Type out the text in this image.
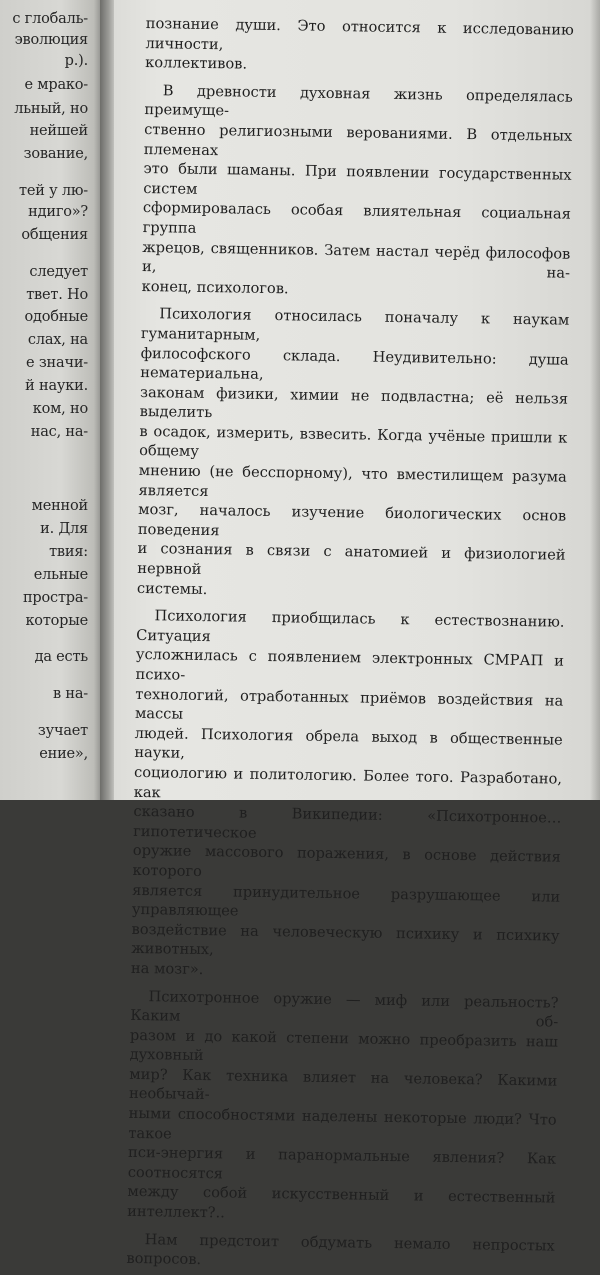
с глобаль-
эволюция
р.).
е мрако-
льный, но
нейшей
зование,
тей у лю-
ндиго»?
общения
следует
твет. Но
одобные
слах, на
е значи-
й науки.
ком, но
нас, на-
менной
и. Для
твия:
ельные
простра-
которые
да есть
в на-
зучает
ение»,
познание души. Это относится к исследованию личности,
коллективов.
В древности духовная жизнь определялась преимуще-
ственно религиозными верованиями. В отдельных племенах
это были шаманы. При появлении государственных систем
сформировалась особая влиятельная социальная группа
жрецов, священников. Затем настал черёд философов и, на-
конец, психологов.
Психология относилась поначалу к наукам гуманитарным,
философского склада. Неудивительно: душа нематериальна,
законам физики, химии не подвластна; её нельзя выделить
в осадок, измерить, взвесить. Когда учёные пришли к общему
мнению (не бесспорному), что вместилищем разума является
мозг, началось изучение биологических основ поведения
и сознания в связи с анатомией и физиологией нервной
системы.
Психология приобщилась к естествознанию. Ситуация
усложнилась с появлением электронных СМРАП и психо-
технологий, отработанных приёмов воздействия на массы
людей. Психология обрела выход в общественные науки,
социологию и политологию. Более того. Разработано, как
сказано в Википедии: «Психотронное… гипотетическое
оружие массового поражения, в основе действия которого
является принудительное разрушающее или управляющее
воздействие на человеческую психику и психику животных,
на мозг».
Психотронное оружие — миф или реальность? Каким об-
разом и до какой степени можно преобразить наш духовный
мир? Как техника влияет на человека? Какими необычай-
ными способностями наделены некоторые люди? Что такое
пси-энергия и паранормальные явления? Как соотносятся
между собой искусственный и естественный интеллект?..
Нам предстоит обдумать немало непростых вопросов.
